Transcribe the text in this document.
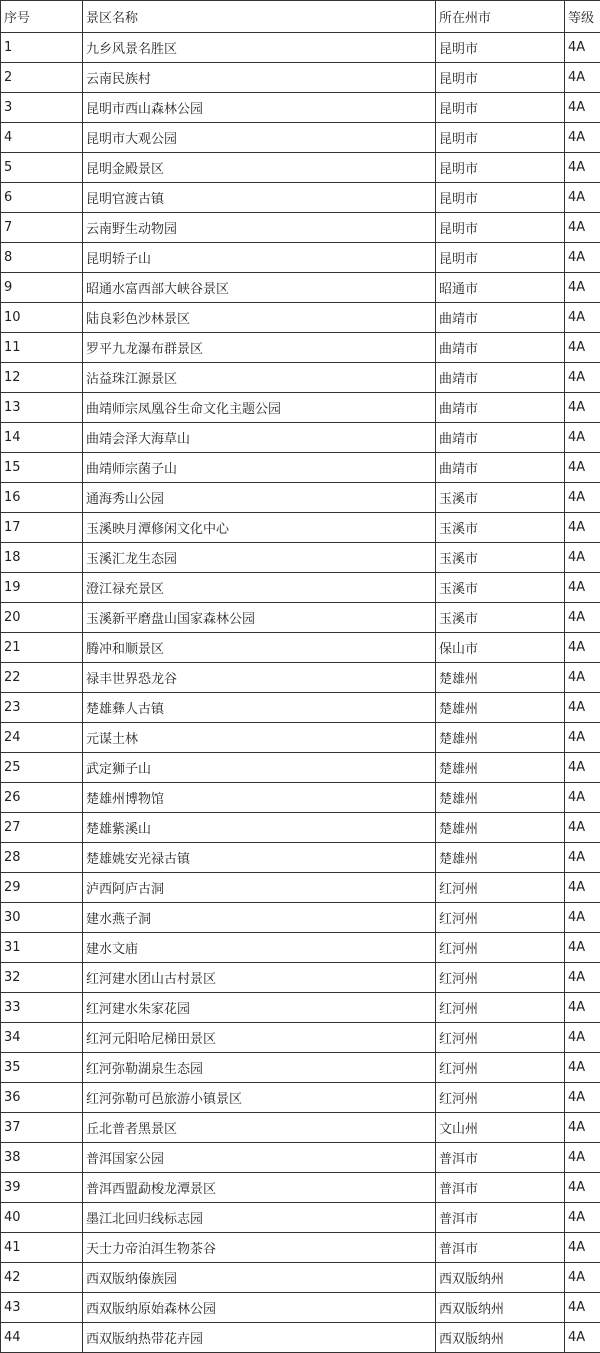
序号	景区名称	所在州市	等级
1	九乡风景名胜区	昆明市	4A
2	云南民族村	昆明市	4A
3	昆明市西山森林公园	昆明市	4A
4	昆明市大观公园	昆明市	4A
5	昆明金殿景区	昆明市	4A
6	昆明官渡古镇	昆明市	4A
7	云南野生动物园	昆明市	4A
8	昆明轿子山	昆明市	4A
9	昭通水富西部大峡谷景区	昭通市	4A
10	陆良彩色沙林景区	曲靖市	4A
11	罗平九龙瀑布群景区	曲靖市	4A
12	沾益珠江源景区	曲靖市	4A
13	曲靖师宗凤凰谷生命文化主题公园	曲靖市	4A
14	曲靖会泽大海草山	曲靖市	4A
15	曲靖师宗菌子山	曲靖市	4A
16	通海秀山公园	玉溪市	4A
17	玉溪映月潭修闲文化中心	玉溪市	4A
18	玉溪汇龙生态园	玉溪市	4A
19	澄江禄充景区	玉溪市	4A
20	玉溪新平磨盘山国家森林公园	玉溪市	4A
21	腾冲和顺景区	保山市	4A
22	禄丰世界恐龙谷	楚雄州	4A
23	楚雄彝人古镇	楚雄州	4A
24	元谋土林	楚雄州	4A
25	武定狮子山	楚雄州	4A
26	楚雄州博物馆	楚雄州	4A
27	楚雄紫溪山	楚雄州	4A
28	楚雄姚安光禄古镇	楚雄州	4A
29	泸西阿庐古洞	红河州	4A
30	建水燕子洞	红河州	4A
31	建水文庙	红河州	4A
32	红河建水团山古村景区	红河州	4A
33	红河建水朱家花园	红河州	4A
34	红河元阳哈尼梯田景区	红河州	4A
35	红河弥勒湖泉生态园	红河州	4A
36	红河弥勒可邑旅游小镇景区	红河州	4A
37	丘北普者黑景区	文山州	4A
38	普洱国家公园	普洱市	4A
39	普洱西盟勐梭龙潭景区	普洱市	4A
40	墨江北回归线标志园	普洱市	4A
41	天士力帝泊洱生物茶谷	普洱市	4A
42	西双版纳傣族园	西双版纳州	4A
43	西双版纳原始森林公园	西双版纳州	4A
44	西双版纳热带花卉园	西双版纳州	4A
